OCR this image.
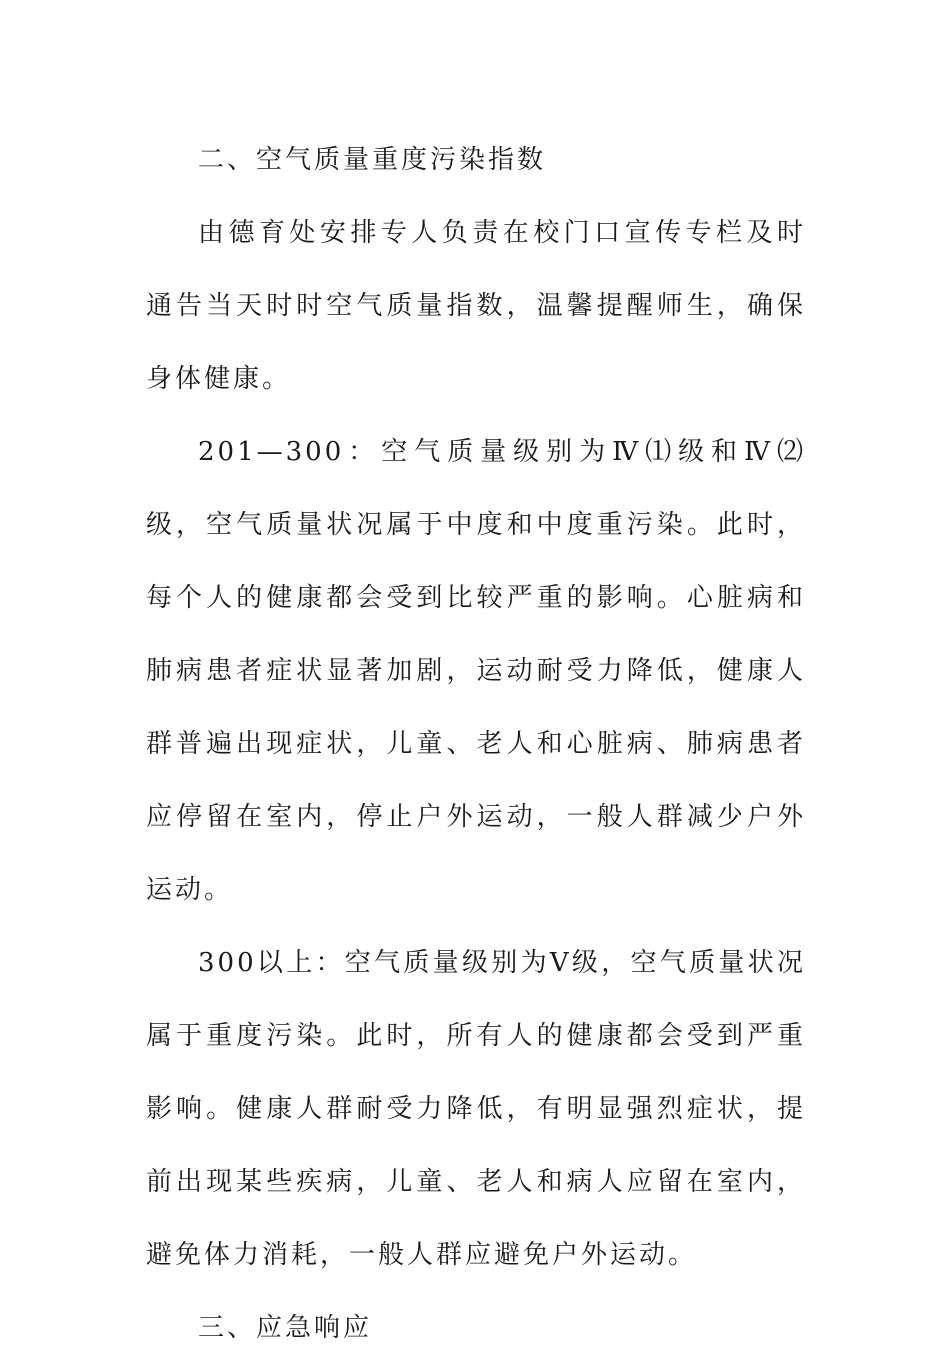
二、空气质量重度污染指数

由德育处安排专人负责在校门口宣传专栏及时通告当天时时空气质量指数，温馨提醒师生，确保身体健康。

201—300：空气质量级别为Ⅳ⑴级和Ⅳ⑵级，空气质量状况属于中度和中度重污染。此时，每个人的健康都会受到比较严重的影响。心脏病和肺病患者症状显著加剧，运动耐受力降低，健康人群普遍出现症状，儿童、老人和心脏病、肺病患者应停留在室内，停止户外运动，一般人群减少户外运动。

300以上：空气质量级别为Ⅴ级，空气质量状况属于重度污染。此时，所有人的健康都会受到严重影响。健康人群耐受力降低，有明显强烈症状，提前出现某些疾病，儿童、老人和病人应留在室内，避免体力消耗，一般人群应避免户外运动。

三、应急响应
